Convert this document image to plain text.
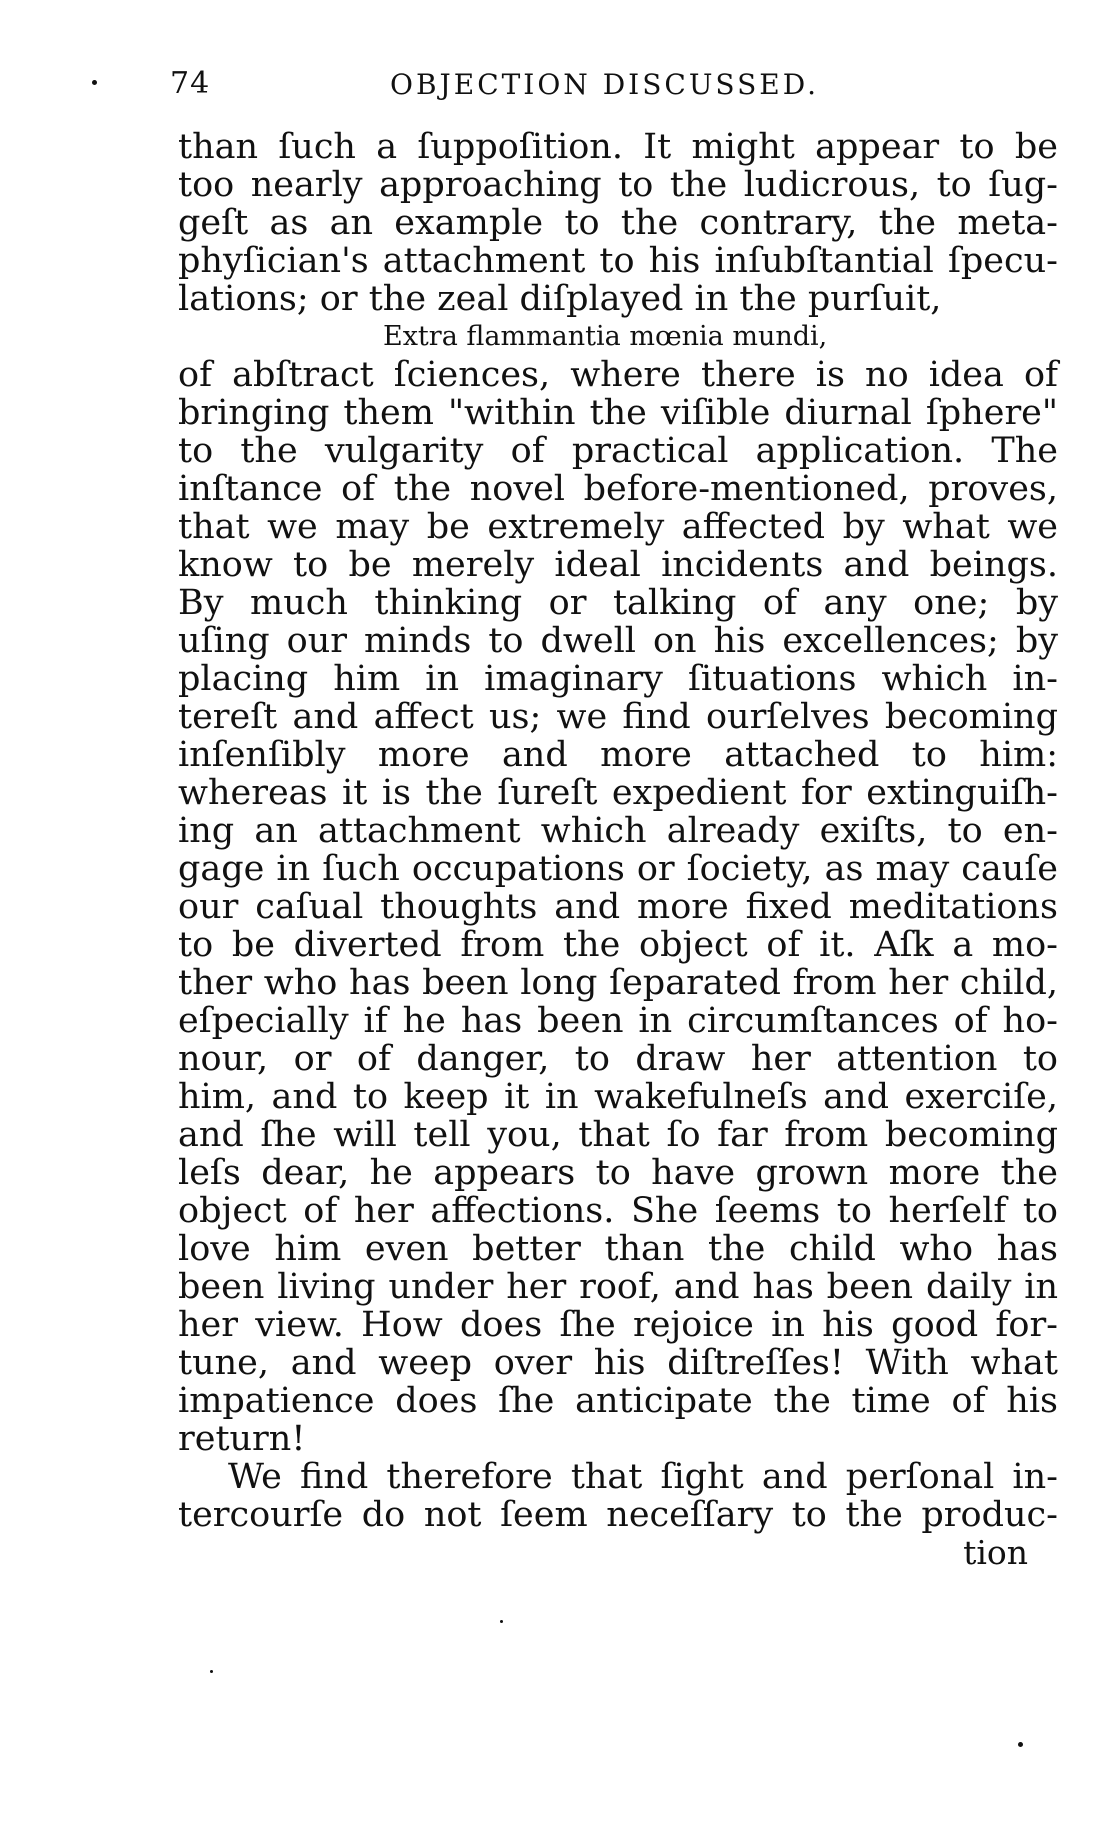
74	OBJECTION DISCUSSED.
than ſuch a ſuppoſition. It might appear to be
too nearly approaching to the ludicrous, to ſug-
geſt as an example to the contrary, the meta-
phyſician's attachment to his inſubſtantial ſpecu-
lations; or the zeal diſplayed in the purſuit,
Extra flammantia mœnia mundi,
of abſtract ſciences, where there is no idea of
bringing them "within the viſible diurnal ſphere"
to the vulgarity of practical application. The
inſtance of the novel before-mentioned, proves,
that we may be extremely affected by what we
know to be merely ideal incidents and beings.
By much thinking or talking of any one; by
uſing our minds to dwell on his excellences; by
placing him in imaginary ſituations which in-
tereſt and affect us; we find ourſelves becoming
inſenſibly more and more attached to him:
whereas it is the ſureſt expedient for extinguiſh-
ing an attachment which already exiſts, to en-
gage in ſuch occupations or ſociety, as may cauſe
our caſual thoughts and more fixed meditations
to be diverted from the object of it. Aſk a mo-
ther who has been long ſeparated from her child,
eſpecially if he has been in circumſtances of ho-
nour, or of danger, to draw her attention to
him, and to keep it in wakefulneſs and exerciſe,
and ſhe will tell you, that ſo far from becoming
leſs dear, he appears to have grown more the
object of her affections. She ſeems to herſelf to
love him even better than the child who has
been living under her roof, and has been daily in
her view. How does ſhe rejoice in his good for-
tune, and weep over his diſtreſſes! With what
impatience does ſhe anticipate the time of his
return!
We find therefore that ſight and perſonal in-
tercourſe do not ſeem neceſſary to the produc-
tion
